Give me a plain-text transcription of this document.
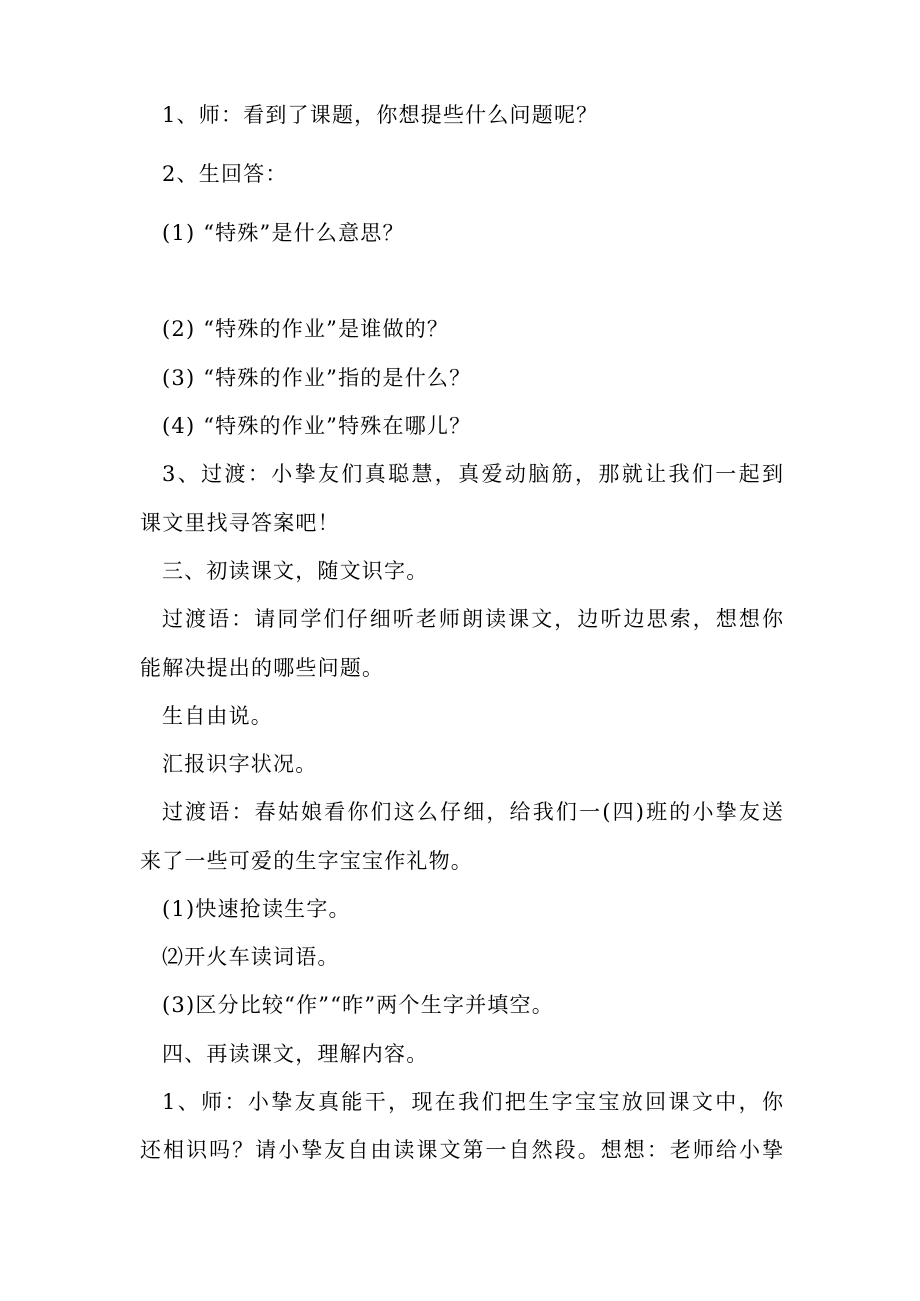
1、师：看到了课题，你想提些什么问题呢？
2、生回答：
(1) “特殊”是什么意思？
(2) “特殊的作业”是谁做的？
(3) “特殊的作业”指的是什么？
(4) “特殊的作业”特殊在哪儿？
3、过渡：小挚友们真聪慧，真爱动脑筋，那就让我们一起到
课文里找寻答案吧！
三、初读课文，随文识字。
过渡语：请同学们仔细听老师朗读课文，边听边思索，想想你
能解决提出的哪些问题。
生自由说。
汇报识字状况。
过渡语：春姑娘看你们这么仔细，给我们一(四)班的小挚友送
来了一些可爱的生字宝宝作礼物。
(1)快速抢读生字。
⑵开火车读词语。
(3)区分比较“作”“昨”两个生字并填空。
四、再读课文，理解内容。
1、师：小挚友真能干，现在我们把生字宝宝放回课文中，你
还相识吗？请小挚友自由读课文第一自然段。想想：老师给小挚
